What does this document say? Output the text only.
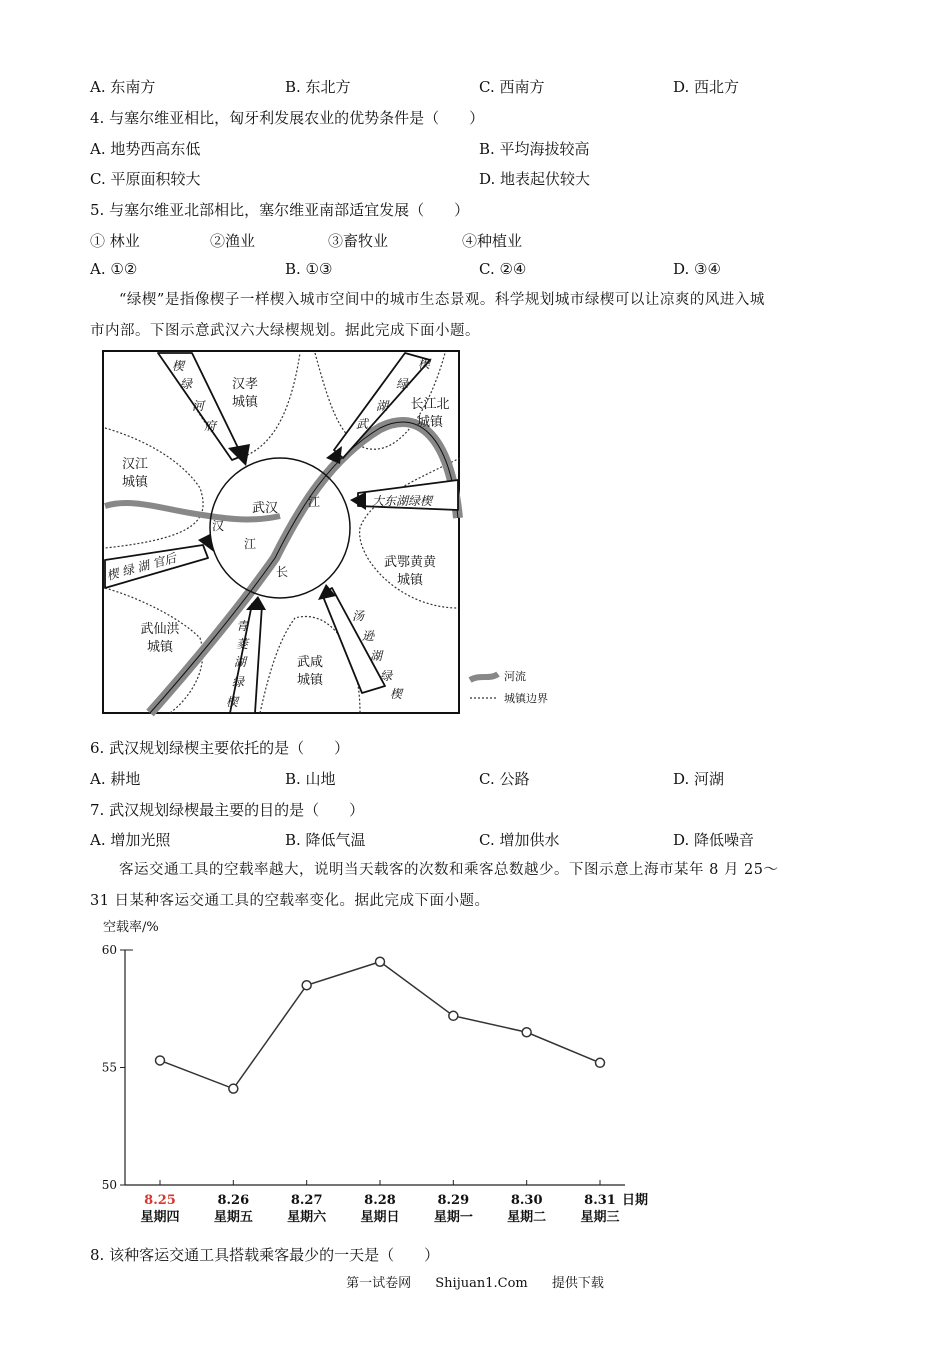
A. 东南方	B. 东北方	C. 西南方	D. 西北方
4. 与塞尔维亚相比，匈牙利发展农业的优势条件是（　　）
A. 地势西高东低	B. 平均海拔较高
C. 平原面积较大	D. 地表起伏较大
5. 与塞尔维亚北部相比，塞尔维亚南部适宜发展（　　）
① 林业	②渔业	③畜牧业	④种植业
A. ①②	B. ①③	C. ②④	D. ③④
“绿楔”是指像楔子一样楔入城市空间中的城市生态景观。科学规划城市绿楔可以让凉爽的风进入城
市内部。下图示意武汉六大绿楔规划。据此完成下面小题。
汉孝
城镇	长江北
城镇
汉江
城镇
武汉
武鄂黄黄
城镇
武仙洪
城镇
武咸
城镇
楔
绿
河
府
楔
绿
湖
武
大东湖绿楔
楔 绿 湖 官后
青
菱
湖
绿
楔
汤
逊
湖
绿
楔
江
汉
江
长
河流
城镇边界
6. 武汉规划绿楔主要依托的是（　　）
A. 耕地	B. 山地	C. 公路	D. 河湖
7. 武汉规划绿楔最主要的目的是（　　）
A. 增加光照	B. 降低气温	C. 增加供水	D. 降低噪音
客运交通工具的空载率越大，说明当天载客的次数和乘客总数越少。下图示意上海市某年 8 月 25～
31 日某种客运交通工具的空载率变化。据此完成下面小题。
空载率/%
50
55
60
8.25
星期四
8.26
星期五
8.27
星期六
8.28
星期日
8.29
星期一
8.30
星期二
8.31
星期三
日期
8. 该种客运交通工具搭载乘客最少的一天是（　　）
第一试卷网 Shijuan1.Com 提供下载
